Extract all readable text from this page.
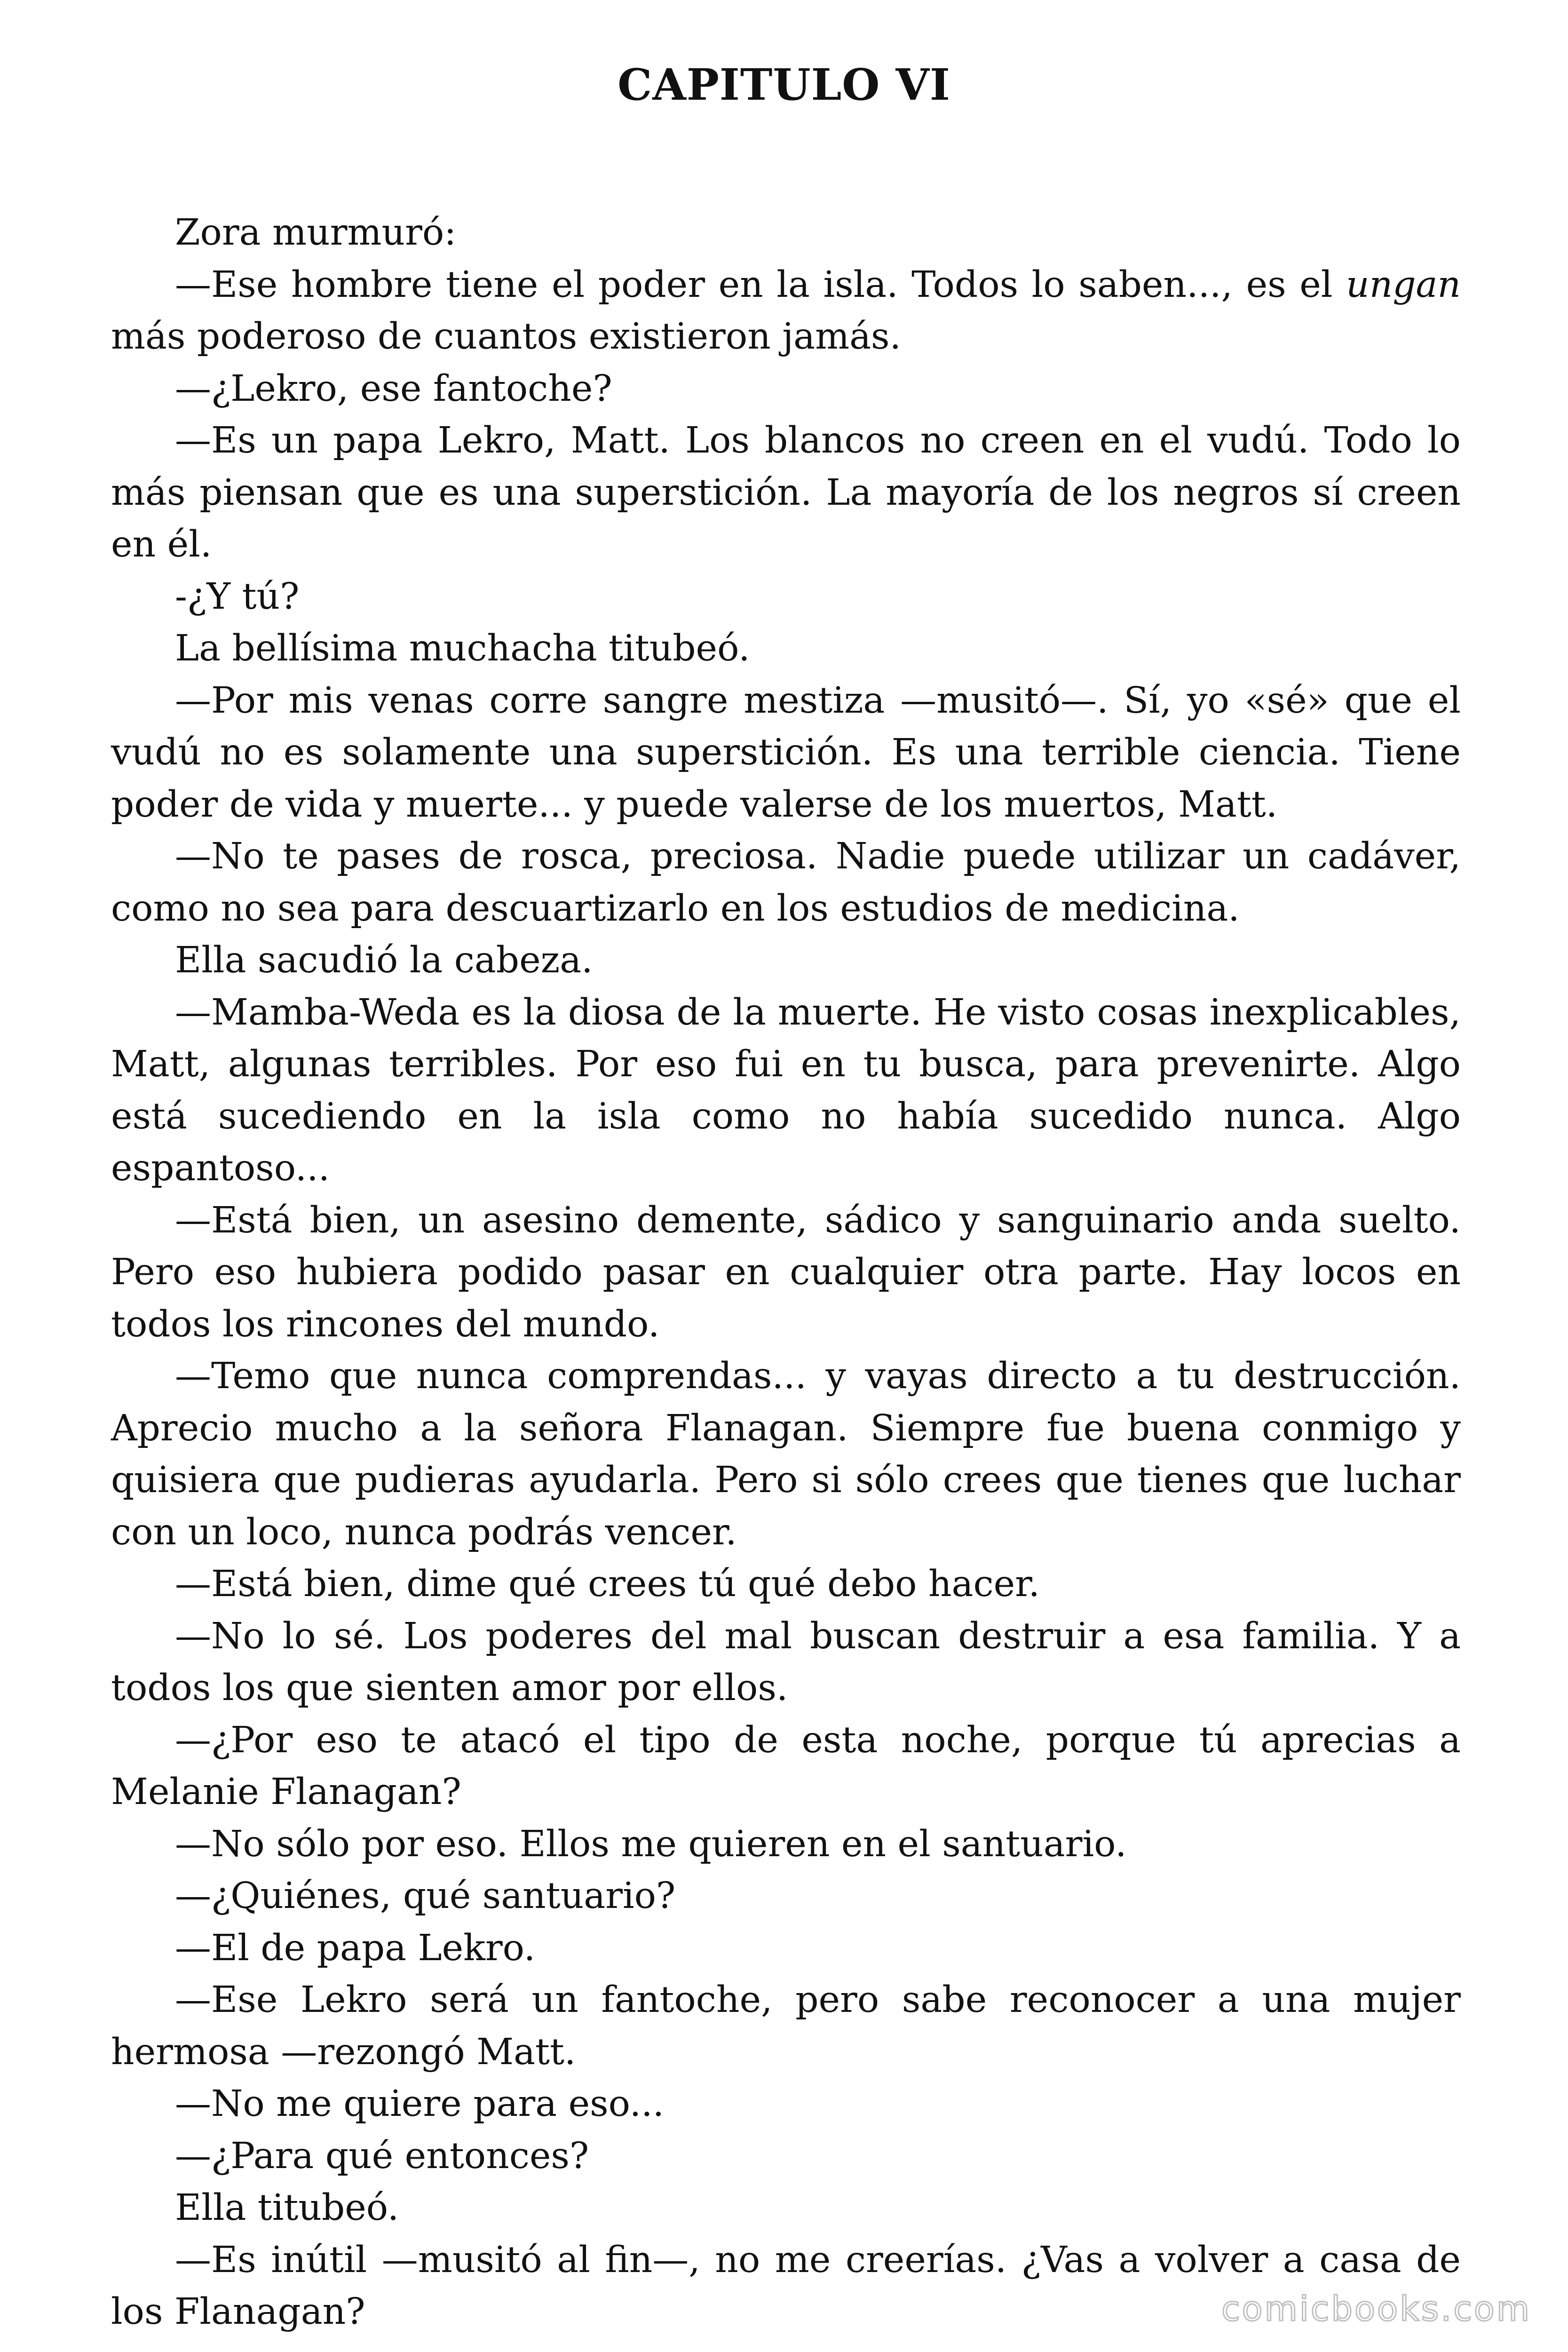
CAPITULO VI

Zora murmuró:

—Ese hombre tiene el poder en la isla. Todos lo saben..., es el ungan más poderoso de cuantos existieron jamás.

—¿Lekro, ese fantoche?

—Es un papa Lekro, Matt. Los blancos no creen en el vudú. Todo lo más piensan que es una superstición. La mayoría de los negros sí creen en él.

-¿Y tú?

La bellísima muchacha titubeó.

—Por mis venas corre sangre mestiza —musitó—. Sí, yo «sé» que el vudú no es solamente una superstición. Es una terrible ciencia. Tiene poder de vida y muerte... y puede valerse de los muertos, Matt.

—No te pases de rosca, preciosa. Nadie puede utilizar un cadáver, como no sea para descuartizarlo en los estudios de medicina.

Ella sacudió la cabeza.

—Mamba-Weda es la diosa de la muerte. He visto cosas inexplicables, Matt, algunas terribles. Por eso fui en tu busca, para prevenirte. Algo está sucediendo en la isla como no había sucedido nunca. Algo espantoso...

—Está bien, un asesino demente, sádico y sanguinario anda suelto. Pero eso hubiera podido pasar en cualquier otra parte. Hay locos en todos los rincones del mundo.

—Temo que nunca comprendas... y vayas directo a tu destrucción. Aprecio mucho a la señora Flanagan. Siempre fue buena conmigo y quisiera que pudieras ayudarla. Pero si sólo crees que tienes que luchar con un loco, nunca podrás vencer.

—Está bien, dime qué crees tú qué debo hacer.

—No lo sé. Los poderes del mal buscan destruir a esa familia. Y a todos los que sienten amor por ellos.

—¿Por eso te atacó el tipo de esta noche, porque tú aprecias a Melanie Flanagan?

—No sólo por eso. Ellos me quieren en el santuario.

—¿Quiénes, qué santuario?

—El de papa Lekro.

—Ese Lekro será un fantoche, pero sabe reconocer a una mujer hermosa —rezongó Matt.

—No me quiere para eso...

—¿Para qué entonces?

Ella titubeó.

—Es inútil —musitó al fin—, no me creerías. ¿Vas a volver a casa de los Flanagan?	comicbooks.com
